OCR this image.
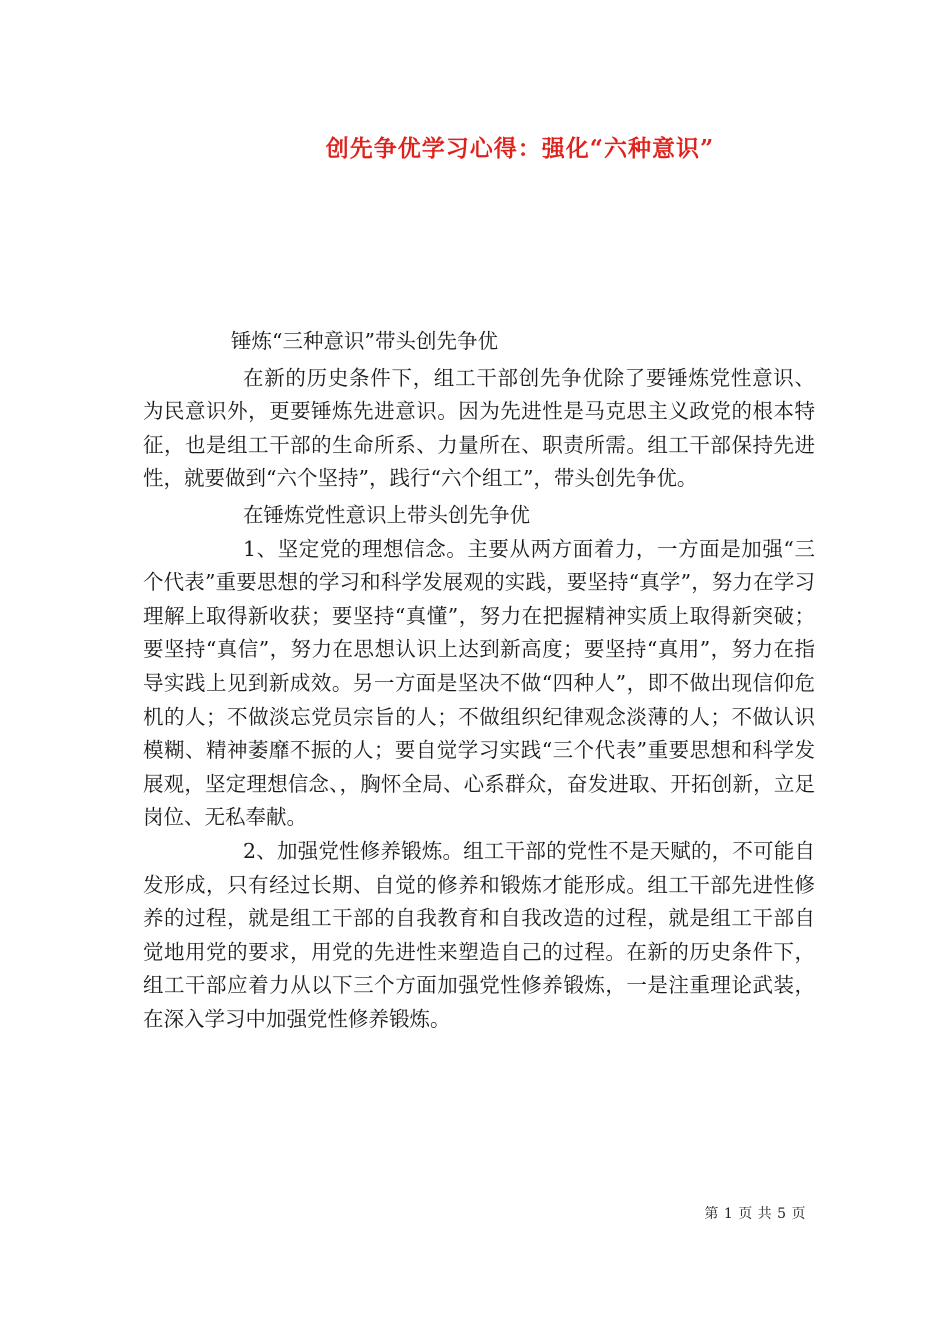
创先争优学习心得：强化“六种意识”

锤炼“三种意识”带头创先争优

在新的历史条件下，组工干部创先争优除了要锤炼党性意识、为民意识外，更要锤炼先进意识。因为先进性是马克思主义政党的根本特征，也是组工干部的生命所系、力量所在、职责所需。组工干部保持先进性，就要做到“六个坚持”，践行“六个组工”，带头创先争优。

在锤炼党性意识上带头创先争优

1、坚定党的理想信念。主要从两方面着力，一方面是加强“三个代表”重要思想的学习和科学发展观的实践，要坚持“真学”，努力在学习理解上取得新收获；要坚持“真懂”，努力在把握精神实质上取得新突破；要坚持“真信”，努力在思想认识上达到新高度；要坚持“真用”，努力在指导实践上见到新成效。另一方面是坚决不做“四种人”，即不做出现信仰危机的人；不做淡忘党员宗旨的人；不做组织纪律观念淡薄的人；不做认识模糊、精神萎靡不振的人；要自觉学习实践“三个代表”重要思想和科学发展观，坚定理想信念、，胸怀全局、心系群众，奋发进取、开拓创新，立足岗位、无私奉献。

2、加强党性修养锻炼。组工干部的党性不是天赋的，不可能自发形成，只有经过长期、自觉的修养和锻炼才能形成。组工干部先进性修养的过程，就是组工干部的自我教育和自我改造的过程，就是组工干部自觉地用党的要求，用党的先进性来塑造自己的过程。在新的历史条件下，组工干部应着力从以下三个方面加强党性修养锻炼，一是注重理论武装，在深入学习中加强党性修养锻炼。

第 1 页 共 5 页
